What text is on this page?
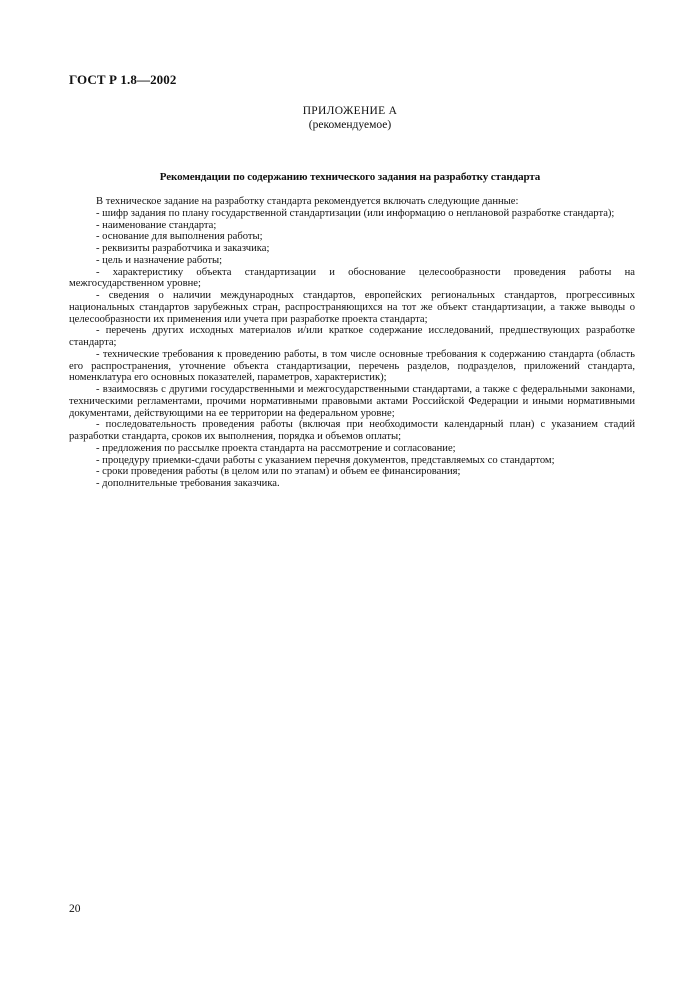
ГОСТ Р 1.8—2002
ПРИЛОЖЕНИЕ А
(рекомендуемое)
Рекомендации по содержанию технического задания на разработку стандарта

В техническое задание на разработку стандарта рекомендуется включать следующие данные:

- шифр задания по плану государственной стандартизации (или информацию о неплановой разработке стандарта);

- наименование стандарта;

- основание для выполнения работы;

- реквизиты разработчика и заказчика;

- цель и назначение работы;

- характеристику объекта стандартизации и обоснование целесообразности проведения работы на межгосударственном уровне;

- сведения о наличии международных стандартов, европейских региональных стандартов, прогрессивных национальных стандартов зарубежных стран, распространяющихся на тот же объект стандартизации, а также выводы о целесообразности их применения или учета при разработке проекта стандарта;

- перечень других исходных материалов и/или краткое содержание исследований, предшествующих разработке стандарта;

- технические требования к проведению работы, в том числе основные требования к содержанию стандарта (область его распространения, уточнение объекта стандартизации, перечень разделов, подразделов, приложений стандарта, номенклатура его основных показателей, параметров, характеристик);

- взаимосвязь с другими государственными и межгосударственными стандартами, а также с федеральными законами, техническими регламентами, прочими нормативными правовыми актами Российской Федерации и иными нормативными документами, действующими на ее территории на федеральном уровне;

- последовательность проведения работы (включая при необходимости календарный план) с указанием стадий разработки стандарта, сроков их выполнения, порядка и объемов оплаты;

- предложения по рассылке проекта стандарта на рассмотрение и согласование;

- процедуру приемки-сдачи работы с указанием перечня документов, представляемых со стандартом;

- сроки проведения работы (в целом или по этапам) и объем ее финансирования;

- дополнительные требования заказчика.

20
